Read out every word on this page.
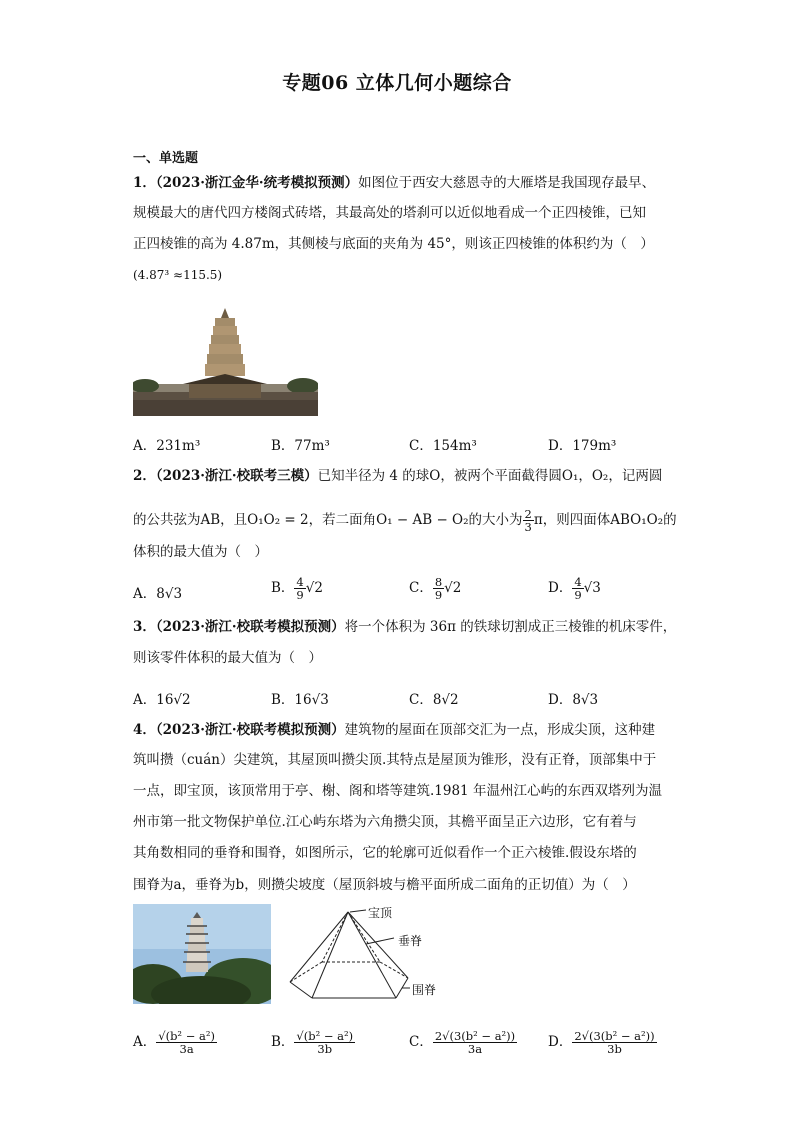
专题06 立体几何小题综合
一、单选题
1．（2023·浙江金华·统考模拟预测）如图位于西安大慈恩寺的大雁塔是我国现存最早、
规模最大的唐代四方楼阁式砖塔，其最高处的塔刹可以近似地看成一个正四棱锥，已知
正四棱锥的高为 4.87m，其侧棱与底面的夹角为 45°，则该正四棱锥的体积约为（　）
(4.87³ ≈115.5)
A．231m³	B．77m³	C．154m³	D．179m³
2．（2023·浙江·校联考三模）已知半径为 4 的球O，被两个平面截得圆O₁，O₂，记两圆
的公共弦为AB，且O₁O₂ = 2，若二面角O₁ − AB − O₂的大小为 $\frac{2}{3}$ π，则四面体ABO₁O₂的
体积的最大值为（　）
A．8√3	B． $\frac{4}{9} √2$	C． $\frac{8}{9} √2$	D． $\frac{4}{9} √3$
3．（2023·浙江·校联考模拟预测）将一个体积为 36π 的铁球切割成正三棱锥的机床零件，
则该零件体积的最大值为（　）
A．16√2	B．16√3	C．8√2	D．8√3
4．（2023·浙江·校联考模拟预测）建筑物的屋面在顶部交汇为一点，形成尖顶，这种建
筑叫攒（cuán）尖建筑，其屋顶叫攒尖顶.其特点是屋顶为锥形，没有正脊，顶部集中于
一点，即宝顶，该顶常用于亭、榭、阁和塔等建筑.1981 年温州江心屿的东西双塔列为温
州市第一批文物保护单位.江心屿东塔为六角攒尖顶，其檐平面呈正六边形，它有着与
其角数相同的垂脊和围脊，如图所示，它的轮廓可近似看作一个正六棱锥.假设东塔的
围脊为a，垂脊为b，则攒尖坡度（屋顶斜坡与檐平面所成二面角的正切值）为（　）
宝顶
垂脊
围脊
A． $\frac{\text{√(b² − a²)}}{3a}$	B． $\frac{\text{√(b² − a²)}}{3b}$	C． $\frac{\text{2√(3(b² − a²))}}{3a}$ D． $\frac{\text{2√(3(b² − a²))}}{3b}$
